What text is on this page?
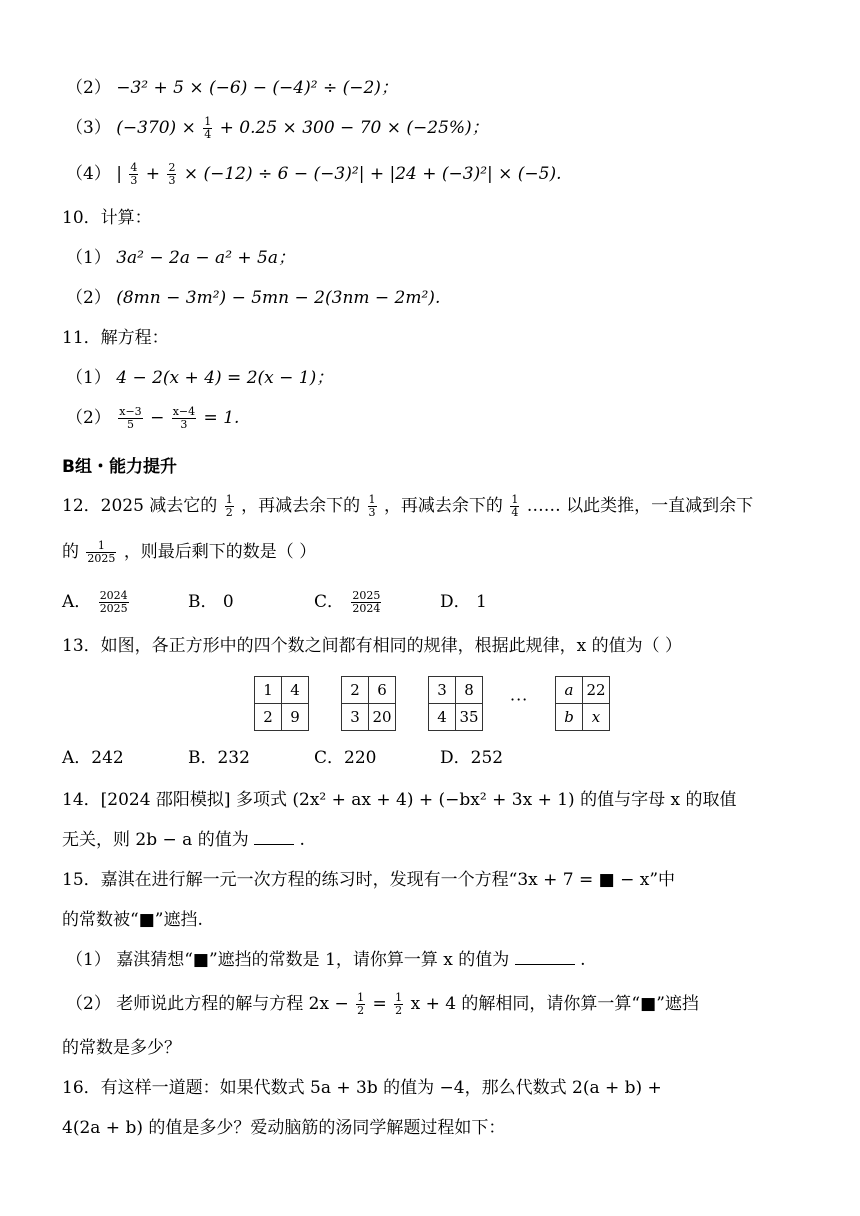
（2） −3² + 5 × (−6) − (−4)² ÷ (−2)；
（3） $(-370) \times \frac{1}{4} + 0.25 \times 300 - 70 \times (-25\%)$；
（4） | $\frac{4}{3} + \frac{2}{3} \times (-12) \div 6 - (-3)^2| + |24 + (-3)^2| \times (-5)$.
10．计算：
（1） 3a² − 2a − a² + 5a；
（2） (8mn − 3m²) − 5mn − 2(3nm − 2m²).
11．解方程：
（1） 4 − 2(x + 4) = 2(x − 1)；
$(2) \frac{x-3}{5} - \frac{x-4}{3} = 1$.
B组・能力提升
12．2025 减去它的 $\frac{1}{2}$ ，再减去余下的 $\frac{1}{3}$ ，再减去余下的 $\frac{1}{4}$ …… 以此类推，一直减到余下
的 $\frac{1}{2025}$ ，则最后剩下的数是（ ）
A． $\frac{2024}{2025}$	B． 0	C． $\frac{2025}{2024}$	D． 1
13．如图，各正方形中的四个数之间都有相同的规律，根据此规律，x 的值为（ ）
1	4
2	9
2	6
3	20
3	8
4	35
··· a	22
b	x
A．242	B．232	C．220	D．252
14．[2024 邵阳模拟] 多项式 (2x² + ax + 4) + (−bx² + 3x + 1) 的值与字母 x 的取值
无关，则 2b − a 的值为	.
15．嘉淇在进行解一元一次方程的练习时，发现有一个方程“3x + 7 = ■ − x”中
的常数被“■”遮挡.
（1） 嘉淇猜想“■”遮挡的常数是 1，请你算一算 x 的值为	.
（2） 老师说此方程的解与方程 $2x - \frac{1}{2} = \frac{1}{2}$ x + 4 的解相同，请你算一算“■”遮挡
的常数是多少？
16．有这样一道题：如果代数式 5a + 3b 的值为 −4，那么代数式 2(a + b) +
4(2a + b) 的值是多少？爱动脑筋的汤同学解题过程如下：
